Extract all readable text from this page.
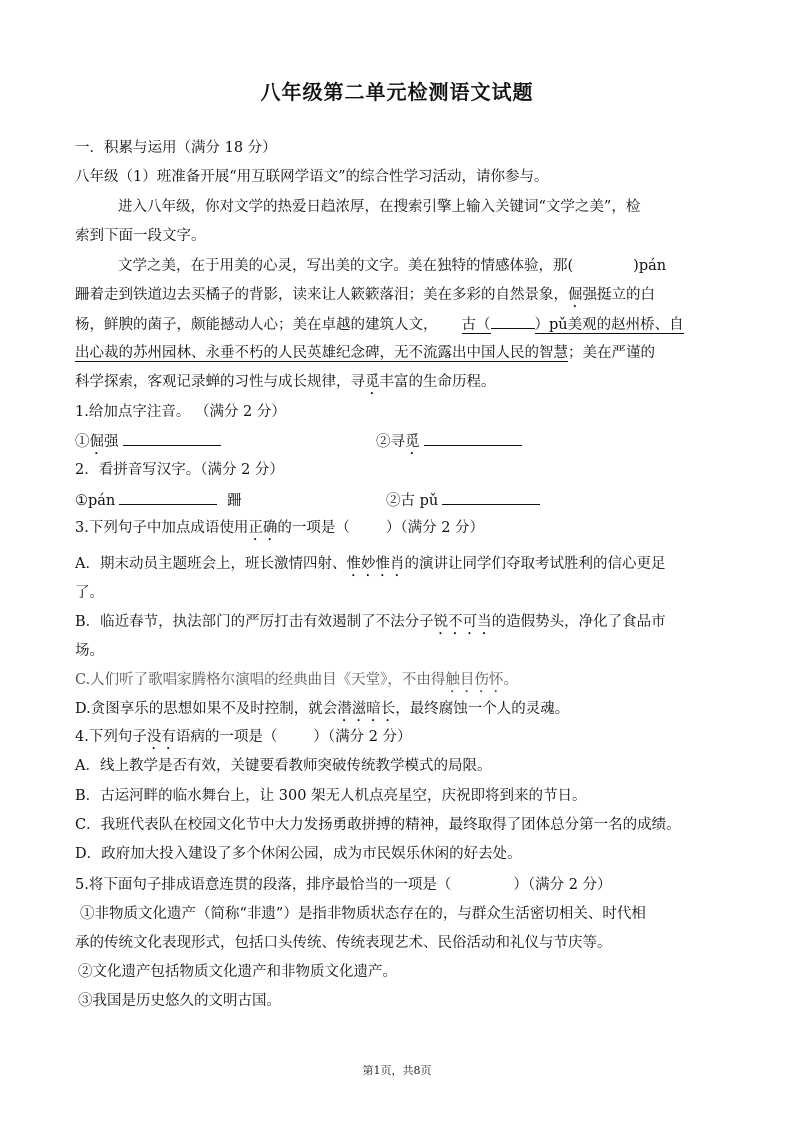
八年级第二单元检测语文试题
一．积累与运用（满分 18 分）
八年级（1）班准备开展“用互联网学语文”的综合性学习活动，请你参与。
进入八年级，你对文学的热爱日趋浓厚，在搜索引擎上输入关键词“文学之美”，检
索到下面一段文字。
文学之美，在于用美的心灵，写出美的文字。美在独特的情感体验，那(	)pán
跚着走到铁道边去买橘子的背影，读来让人簌簌落泪；美在多彩的自然景象，倔强挺立的白
杨，鲜腴的菌子，颇能撼动人心；美在卓越的建筑人文， 古（	）pǔ美观的赵州桥、自
出心裁的苏州园林、永垂不朽的人民英雄纪念碑，无不流露出中国人民的智慧；美在严谨的
科学探索，客观记录蝉的习性与成长规律，寻觅丰富的生命历程。
1.给加点字注音。 （满分 2 分）
①倔强	②寻觅
2．看拼音写汉字。（满分 2 分）
①pán	跚	②古 pǔ
3.下列句子中加点成语使用正确的一项是（ ）（满分 2 分）
A．期末动员主题班会上，班长激情四射、惟妙惟肖的演讲让同学们夺取考试胜利的信心更足
了。
B．临近春节，执法部门的严厉打击有效遏制了不法分子锐不可当的造假势头，净化了食品市
场。
C.人们听了歌唱家腾格尔演唱的经典曲目《天堂》，不由得触目伤怀。
D.贪图享乐的思想如果不及时控制，就会潜滋暗长，最终腐蚀一个人的灵魂。
4.下列句子没有语病的一项是（ ）（满分 2 分）
A．线上教学是否有效，关键要看教师突破传统教学模式的局限。
B．古运河畔的临水舞台上，让 300 架无人机点亮星空，庆祝即将到来的节日。
C．我班代表队在校园文化节中大力发扬勇敢拼搏的精神，最终取得了团体总分第一名的成绩。
D．政府加大投入建设了多个休闲公园，成为市民娱乐休闲的好去处。
5.将下面句子排成语意连贯的段落，排序最恰当的一项是（	）（满分 2 分）
①非物质文化遗产（简称“非遗”）是指非物质状态存在的，与群众生活密切相关、时代相
承的传统文化表现形式，包括口头传统、传统表现艺术、民俗活动和礼仪与节庆等。
②文化遗产包括物质文化遗产和非物质文化遗产。
③我国是历史悠久的文明古国。
第1页，共8页
